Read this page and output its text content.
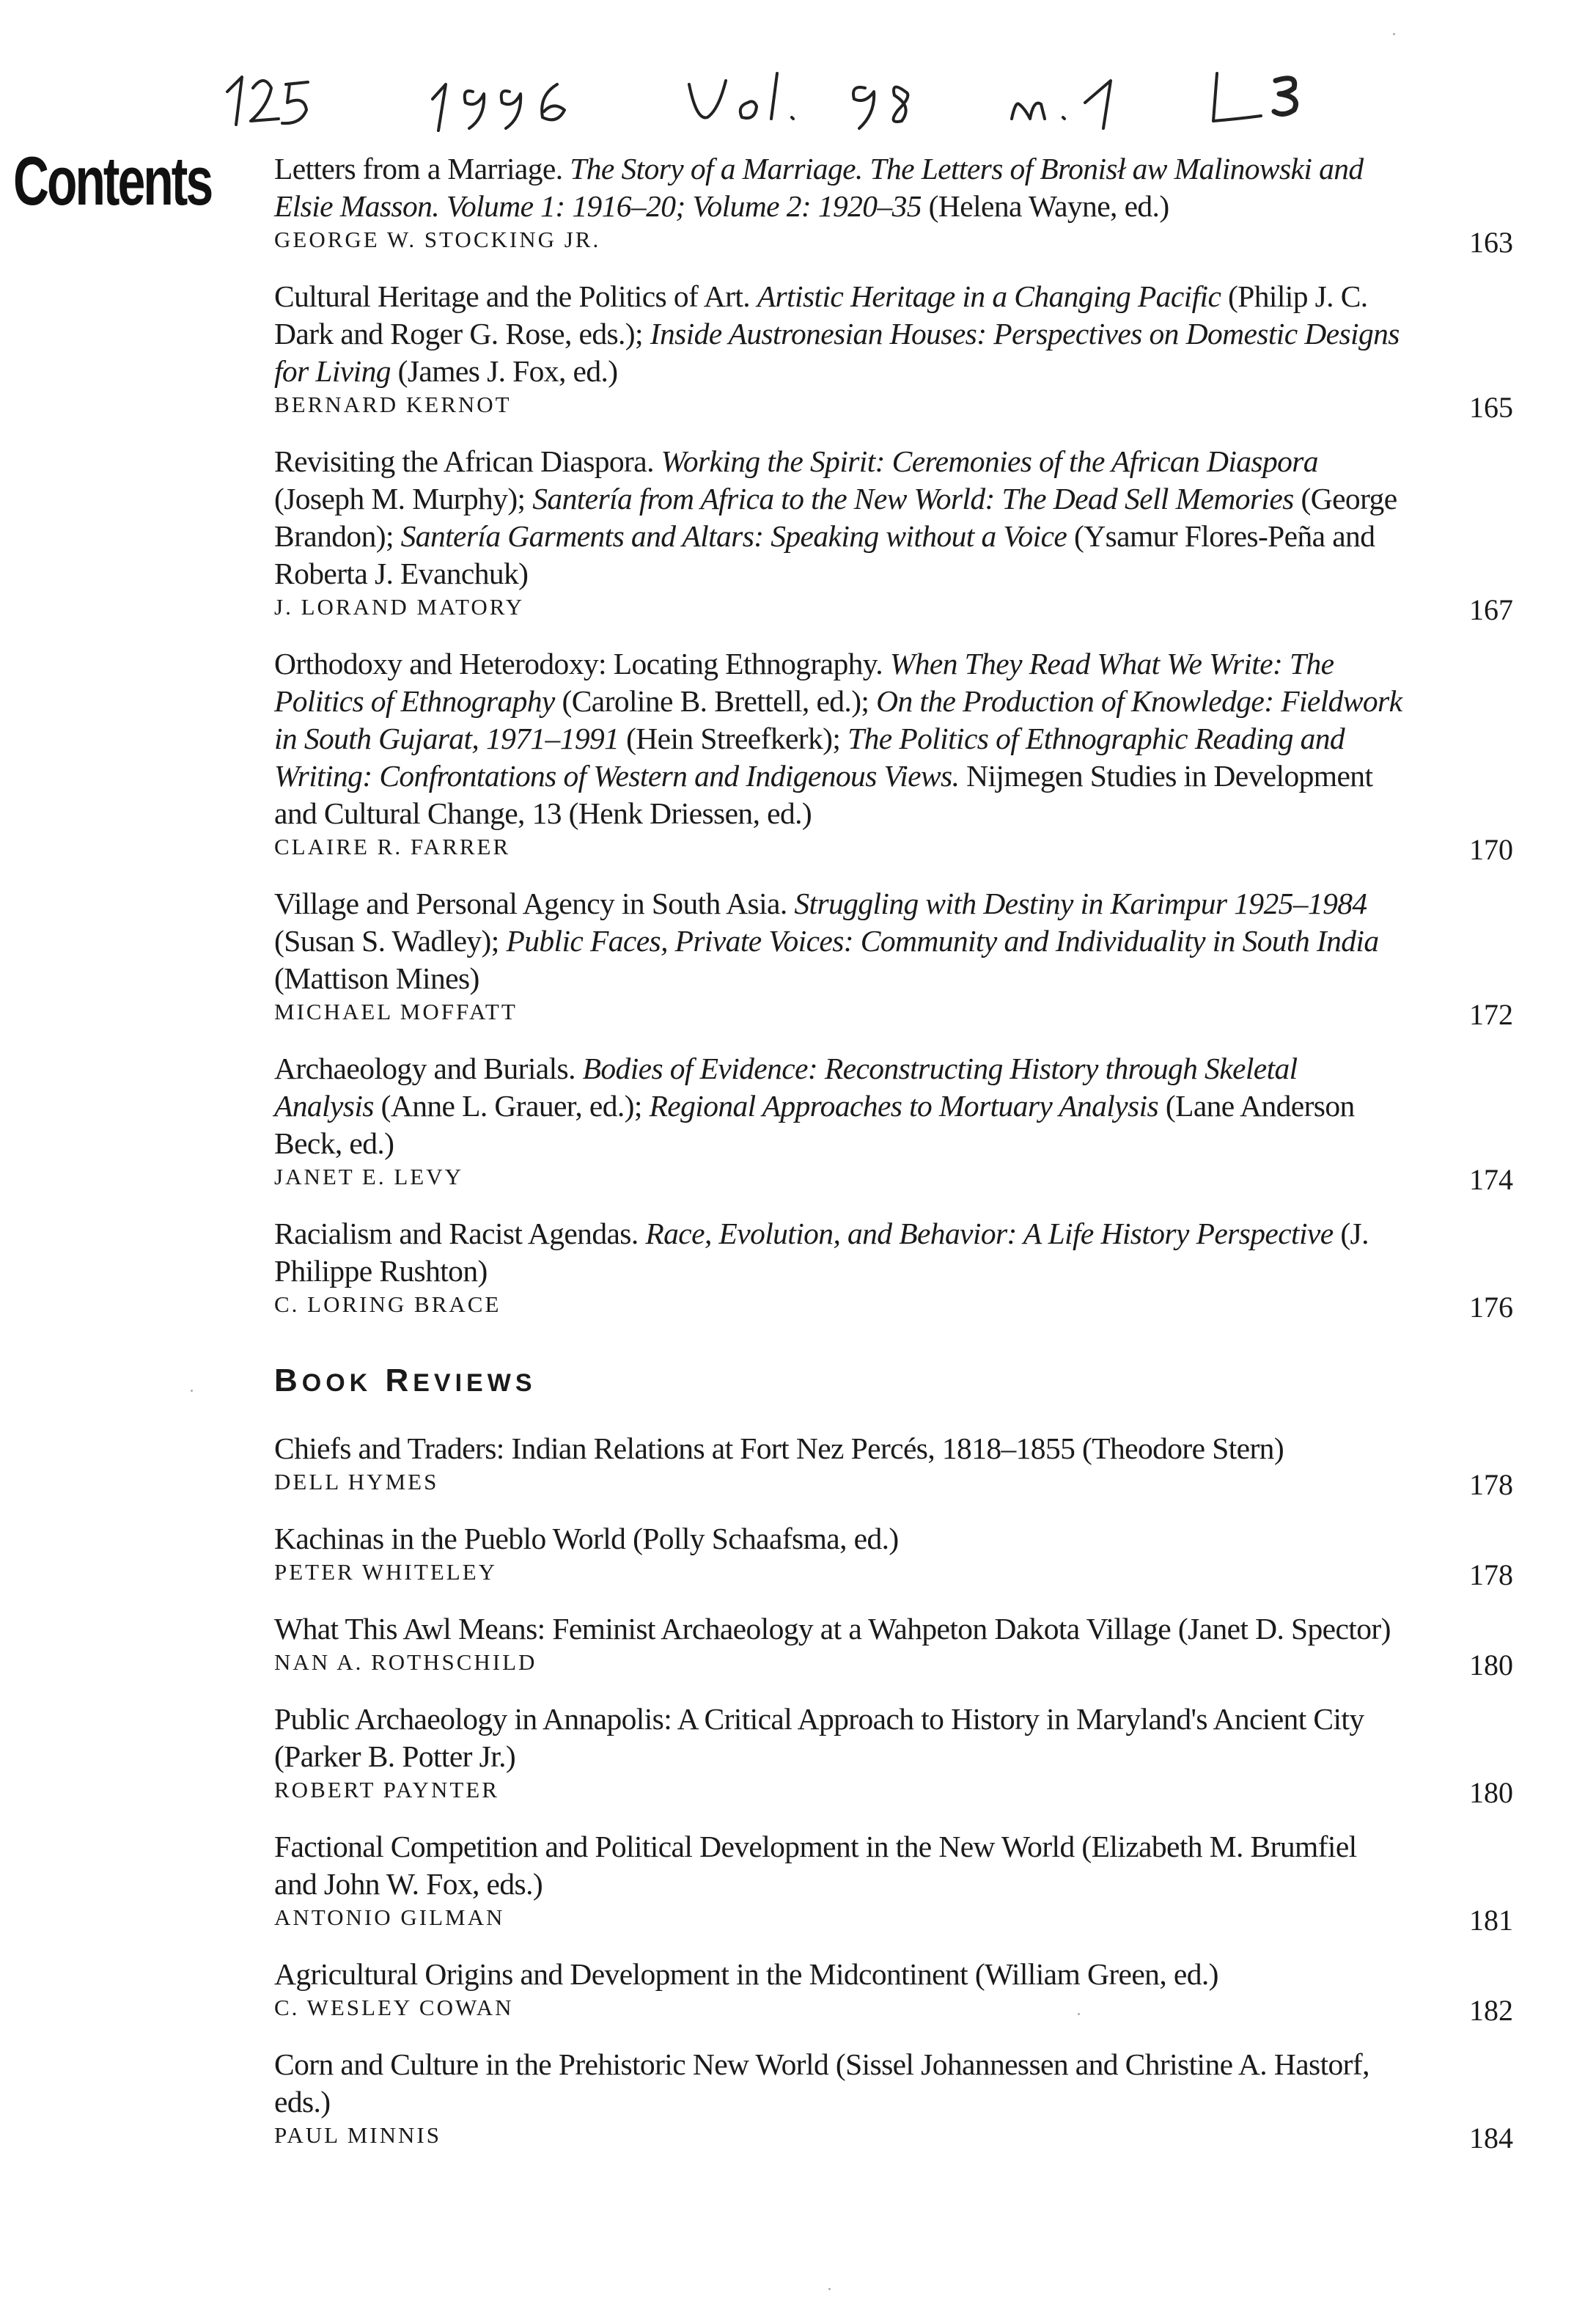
Contents Letters from a Marriage. The Story of a Marriage. The Letters of Bronisł aw Malinowski and Elsie Masson. Volume 1: 1916–20; Volume 2: 1920–35 (Helena Wayne, ed.)
GEORGE W. STOCKING JR.	163
Cultural Heritage and the Politics of Art. Artistic Heritage in a Changing Pacific (Philip J. C. Dark and Roger G. Rose, eds.); Inside Austronesian Houses: Perspectives on Domestic Designs for Living (James J. Fox, ed.)
BERNARD KERNOT	165
Revisiting the African Diaspora. Working the Spirit: Ceremonies of the African Diaspora (Joseph M. Murphy); Santería from Africa to the New World: The Dead Sell Memories (George Brandon); Santería Garments and Altars: Speaking without a Voice (Ysamur Flores-Peña and Roberta J. Evanchuk)
J. LORAND MATORY	167
Orthodoxy and Heterodoxy: Locating Ethnography. When They Read What We Write: The Politics of Ethnography (Caroline B. Brettell, ed.); On the Production of Knowledge: Fieldwork in South Gujarat, 1971–1991 (Hein Streefkerk); The Politics of Ethnographic Reading and Writing: Confrontations of Western and Indigenous Views. Nijmegen Studies in Development and Cultural Change, 13 (Henk Driessen, ed.)
CLAIRE R. FARRER	170
Village and Personal Agency in South Asia. Struggling with Destiny in Karimpur 1925–1984 (Susan S. Wadley); Public Faces, Private Voices: Community and Individuality in South India (Mattison Mines)
MICHAEL MOFFATT	172
Archaeology and Burials. Bodies of Evidence: Reconstructing History through Skeletal Analysis (Anne L. Grauer, ed.); Regional Approaches to Mortuary Analysis (Lane Anderson Beck, ed.)
JANET E. LEVY	174
Racialism and Racist Agendas. Race, Evolution, and Behavior: A Life History Perspective (J. Philippe Rushton)
C. LORING BRACE	176
BOOK REVIEWS
Chiefs and Traders: Indian Relations at Fort Nez Percés, 1818–1855 (Theodore Stern)
DELL HYMES	178
Kachinas in the Pueblo World (Polly Schaafsma, ed.)
PETER WHITELEY	178
What This Awl Means: Feminist Archaeology at a Wahpeton Dakota Village (Janet D. Spector)
NAN A. ROTHSCHILD	180
Public Archaeology in Annapolis: A Critical Approach to History in Maryland's Ancient City (Parker B. Potter Jr.)
ROBERT PAYNTER	180
Factional Competition and Political Development in the New World (Elizabeth M. Brumfiel and John W. Fox, eds.)
ANTONIO GILMAN	181
Agricultural Origins and Development in the Midcontinent (William Green, ed.)
C. WESLEY COWAN	182
Corn and Culture in the Prehistoric New World (Sissel Johannessen and Christine A. Hastorf, eds.)
PAUL MINNIS	184
